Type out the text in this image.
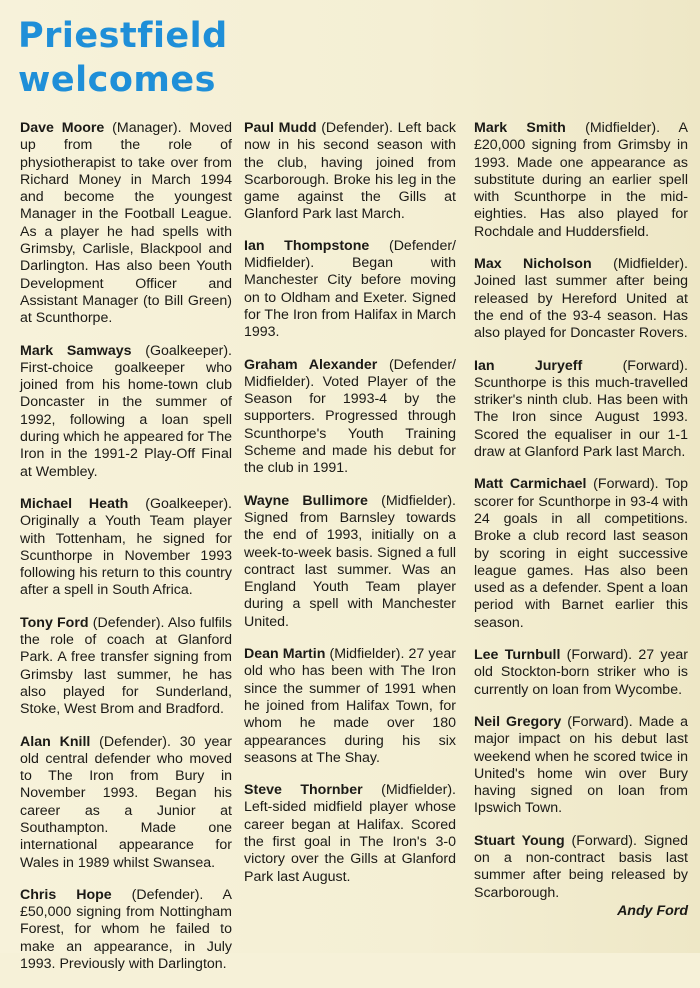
Priestfield
welcomes

Dave Moore (Manager). Moved up from the role of physiotherapist to take over from Richard Money in March 1994 and become the youngest Manager in the Football League. As a player he had spells with Grimsby, Carlisle, Blackpool and Darlington. Has also been Youth Development Officer and Assistant Manager (to Bill Green) at Scunthorpe.

Mark Samways (Goalkeeper). First-choice goalkeeper who joined from his home-town club Doncaster in the summer of 1992, following a loan spell during which he appeared for The Iron in the 1991-2 Play-Off Final at Wembley.

Michael Heath (Goalkeeper). Originally a Youth Team player with Tottenham, he signed for Scunthorpe in November 1993 following his return to this country after a spell in South Africa.

Tony Ford (Defender). Also fulfils the role of coach at Glanford Park. A free transfer signing from Grimsby last summer, he has also played for Sunderland, Stoke, West Brom and Bradford.

Alan Knill (Defender). 30 year old central defender who moved to The Iron from Bury in November 1993. Began his career as a Junior at Southampton. Made one international appearance for Wales in 1989 whilst Swansea.

Chris Hope (Defender). A £50,000 signing from Nottingham Forest, for whom he failed to make an appearance, in July 1993. Previously with Darlington.

Paul Mudd (Defender). Left back now in his second season with the club, having joined from Scarborough. Broke his leg in the game against the Gills at Glanford Park last March.

Ian Thompstone (Defender/ Midfielder). Began with Manchester City before moving on to Oldham and Exeter. Signed for The Iron from Halifax in March 1993.

Graham Alexander (Defender/ Midfielder). Voted Player of the Season for 1993-4 by the supporters. Progressed through Scunthorpe's Youth Training Scheme and made his debut for the club in 1991.

Wayne Bullimore (Midfielder). Signed from Barnsley towards the end of 1993, initially on a week-to-week basis. Signed a full contract last summer. Was an England Youth Team player during a spell with Manchester United.

Dean Martin (Midfielder). 27 year old who has been with The Iron since the summer of 1991 when he joined from Halifax Town, for whom he made over 180 appearances during his six seasons at The Shay.

Steve Thornber (Midfielder). Left-sided midfield player whose career began at Halifax. Scored the first goal in The Iron's 3-0 victory over the Gills at Glanford Park last August.

Mark Smith (Midfielder). A £20,000 signing from Grimsby in 1993. Made one appearance as substitute during an earlier spell with Scunthorpe in the mid-eighties. Has also played for Rochdale and Huddersfield.

Max Nicholson (Midfielder). Joined last summer after being released by Hereford United at the end of the 93-4 season. Has also played for Doncaster Rovers.

Ian Juryeff (Forward). Scunthorpe is this much-travelled striker's ninth club. Has been with The Iron since August 1993. Scored the equaliser in our 1-1 draw at Glanford Park last March.

Matt Carmichael (Forward). Top scorer for Scunthorpe in 93-4 with 24 goals in all competitions. Broke a club record last season by scoring in eight successive league games. Has also been used as a defender. Spent a loan period with Barnet earlier this season.

Lee Turnbull (Forward). 27 year old Stockton-born striker who is currently on loan from Wycombe.

Neil Gregory (Forward). Made a major impact on his debut last weekend when he scored twice in United's home win over Bury having signed on loan from Ipswich Town.

Stuart Young (Forward). Signed on a non-contract basis last summer after being released by Scarborough.

Andy Ford
